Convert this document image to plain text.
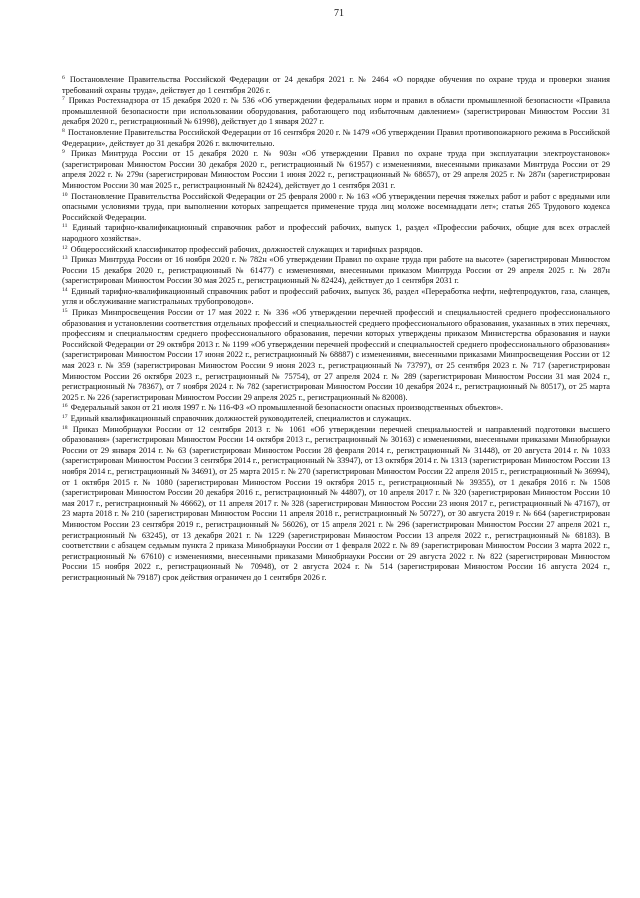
71

$^6$ Постановление Правительства Российской Федерации от 24 декабря 2021 г. № 2464 «О порядке обучения по охране труда и проверки знания требований охраны труда», действует до 1 сентября 2026 г.

$^7$ Приказ Ростехнадзора от 15 декабря 2020 г. № 536 «Об утверждении федеральных норм и правил в области промышленной безопасности «Правила промышленной безопасности при использовании оборудования, работающего под избыточным давлением» (зарегистрирован Минюстом России 31 декабря 2020 г., регистрационный № 61998), действует до 1 января 2027 г.

$^8$ Постановление Правительства Российской Федерации от 16 сентября 2020 г. № 1479 «Об утверждении Правил противопожарного режима в Российской Федерации», действует до 31 декабря 2026 г. включительно.

$^9$ Приказ Минтруда России от 15 декабря 2020 г. № 903н «Об утверждении Правил по охране труда при эксплуатации электроустановок» (зарегистрирован Минюстом России 30 декабря 2020 г., регистрационный № 61957) с изменениями, внесенными приказами Минтруда России от 29 апреля 2022 г. № 279н (зарегистрирован Минюстом России 1 июня 2022 г., регистрационный № 68657), от 29 апреля 2025 г. № 287н (зарегистрирован Минюстом России 30 мая 2025 г., регистрационный № 82424), действует до 1 сентября 2031 г.

$^{10}$ Постановление Правительства Российской Федерации от 25 февраля 2000 г. № 163 «Об утверждении перечня тяжелых работ и работ с вредными или опасными условиями труда, при выполнении которых запрещается применение труда лиц моложе восемнадцати лет»; статья 265 Трудового кодекса Российской Федерации.

$^{11}$ Единый тарифно-квалификационный справочник работ и профессий рабочих, выпуск 1, раздел «Профессии рабочих, общие для всех отраслей народного хозяйства».

$^{12}$ Общероссийский классификатор профессий рабочих, должностей служащих и тарифных разрядов.

$^{13}$ Приказ Минтруда России от 16 ноября 2020 г. № 782н «Об утверждении Правил по охране труда при работе на высоте» (зарегистрирован Минюстом России 15 декабря 2020 г., регистрационный № 61477) с изменениями, внесенными приказом Минтруда России от 29 апреля 2025 г. № 287н (зарегистрирован Минюстом России 30 мая 2025 г., регистрационный № 82424), действует до 1 сентября 2031 г.

$^{14}$ Единый тарифно-квалификационный справочник работ и профессий рабочих, выпуск 36, раздел «Переработка нефти, нефтепродуктов, газа, сланцев, угля и обслуживание магистральных трубопроводов».

$^{15}$ Приказ Минпросвещения России от 17 мая 2022 г. № 336 «Об утверждении перечней профессий и специальностей среднего профессионального образования и установлении соответствия отдельных профессий и специальностей среднего профессионального образования, указанных в этих перечнях, профессиям и специальностям среднего профессионального образования, перечни которых утверждены приказом Министерства образования и науки Российской Федерации от 29 октября 2013 г. № 1199 «Об утверждении перечней профессий и специальностей среднего профессионального образования» (зарегистрирован Минюстом России 17 июня 2022 г., регистрационный № 68887) с изменениями, внесенными приказами Минпросвещения России от 12 мая 2023 г. № 359 (зарегистрирован Минюстом России 9 июня 2023 г., регистрационный № 73797), от 25 сентября 2023 г. № 717 (зарегистрирован Минюстом России 26 октября 2023 г., регистрационный № 75754), от 27 апреля 2024 г. № 289 (зарегистрирован Минюстом России 31 мая 2024 г., регистрационный № 78367), от 7 ноября 2024 г. № 782 (зарегистрирован Минюстом России 10 декабря 2024 г., регистрационный № 80517), от 25 марта 2025 г. № 226 (зарегистрирован Минюстом России 29 апреля 2025 г., регистрационный № 82008).

$^{16}$ Федеральный закон от 21 июля 1997 г. № 116-ФЗ «О промышленной безопасности опасных производственных объектов».

$^{17}$ Единый квалификационный справочник должностей руководителей, специалистов и служащих.

$^{18}$ Приказ Минобрнауки России от 12 сентября 2013 г. № 1061 «Об утверждении перечней специальностей и направлений подготовки высшего образования» (зарегистрирован Минюстом России 14 октября 2013 г., регистрационный № 30163) с изменениями, внесенными приказами Минобрнауки России от 29 января 2014 г. № 63 (зарегистрирован Минюстом России 28 февраля 2014 г., регистрационный № 31448), от 20 августа 2014 г. № 1033 (зарегистрирован Минюстом России 3 сентября 2014 г., регистрационный № 33947), от 13 октября 2014 г. № 1313 (зарегистрирован Минюстом России 13 ноября 2014 г., регистрационный № 34691), от 25 марта 2015 г. № 270 (зарегистрирован Минюстом России 22 апреля 2015 г., регистрационный № 36994), от 1 октября 2015 г. № 1080 (зарегистрирован Минюстом России 19 октября 2015 г., регистрационный № 39355), от 1 декабря 2016 г. № 1508 (зарегистрирован Минюстом России 20 декабря 2016 г., регистрационный № 44807), от 10 апреля 2017 г. № 320 (зарегистрирован Минюстом России 10 мая 2017 г., регистрационный № 46662), от 11 апреля 2017 г. № 328 (зарегистрирован Минюстом России 23 июня 2017 г., регистрационный № 47167), от 23 марта 2018 г. № 210 (зарегистрирован Минюстом России 11 апреля 2018 г., регистрационный № 50727), от 30 августа 2019 г. № 664 (зарегистрирован Минюстом России 23 сентября 2019 г., регистрационный № 56026), от 15 апреля 2021 г. № 296 (зарегистрирован Минюстом России 27 апреля 2021 г., регистрационный № 63245), от 13 декабря 2021 г. № 1229 (зарегистрирован Минюстом России 13 апреля 2022 г., регистрационный № 68183). В соответствии с абзацем седьмым пункта 2 приказа Минобрнауки России от 1 февраля 2022 г. № 89 (зарегистрирован Минюстом России 3 марта 2022 г., регистрационный № 67610) с изменениями, внесенными приказами Минобрнауки России от 29 августа 2022 г. № 822 (зарегистрирован Минюстом России 15 ноября 2022 г., регистрационный № 70948), от 2 августа 2024 г. № 514 (зарегистрирован Минюстом России 16 августа 2024 г., регистрационный № 79187) срок действия ограничен до 1 сентября 2026 г.
